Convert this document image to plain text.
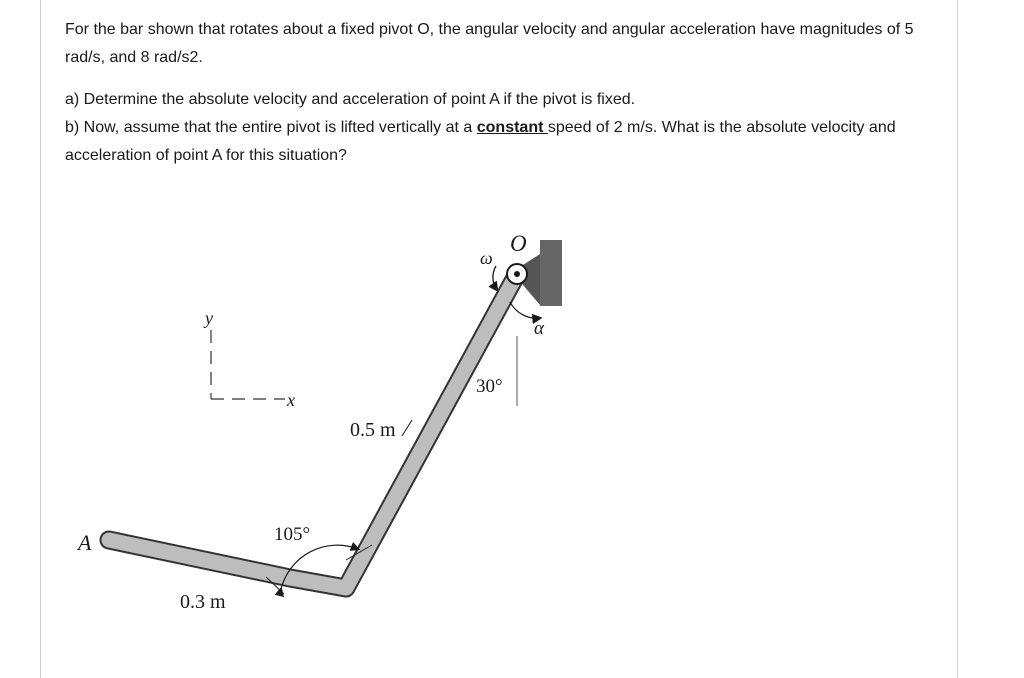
For the bar shown that rotates about a fixed pivot O, the angular velocity and angular acceleration have magnitudes of 5 rad/s, and 8 rad/s2.

a) Determine the absolute velocity and acceleration of point A if the pivot is fixed.
b) Now, assume that the entire pivot is lifted vertically at a constant speed of 2 m/s. What is the absolute velocity and acceleration of point A for this situation?

O
ω
α
30°
0.5 m
105°
0.3 m
A
y
x
